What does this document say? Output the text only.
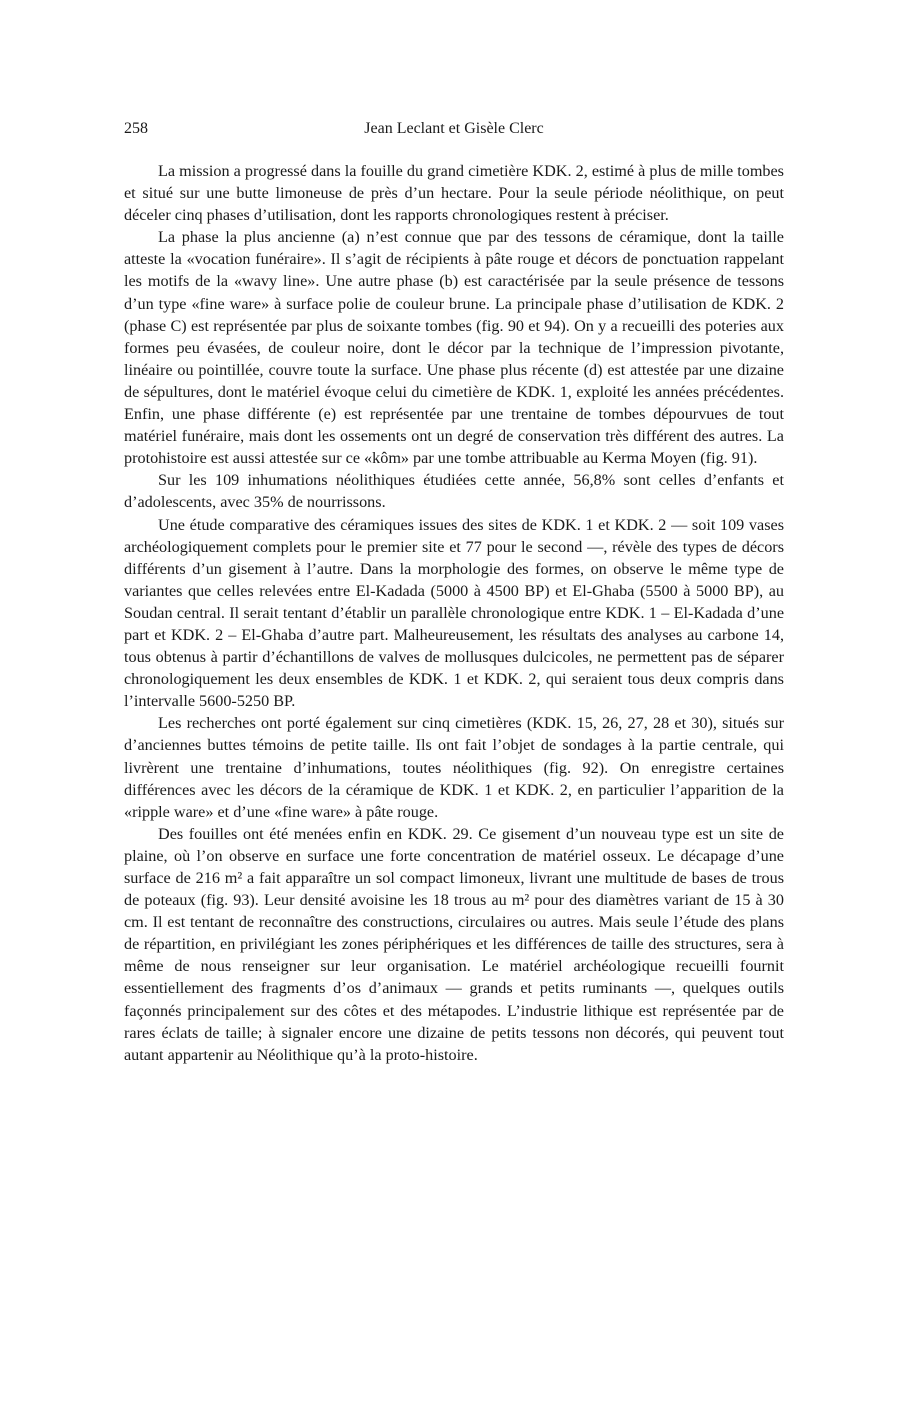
258	Jean Leclant et Gisèle Clerc

La mission a progressé dans la fouille du grand cimetière KDK. 2, estimé à plus de mille tombes et situé sur une butte limoneuse de près d’un hectare. Pour la seule période néolithique, on peut déceler cinq phases d’utilisation, dont les rapports chronologiques restent à préciser.

La phase la plus ancienne (a) n’est connue que par des tessons de céramique, dont la taille atteste la «vocation funéraire». Il s’agit de récipients à pâte rouge et décors de ponctuation rappelant les motifs de la «wavy line». Une autre phase (b) est caractérisée par la seule présence de tessons d’un type «fine ware» à surface polie de couleur brune. La principale phase d’utilisation de KDK. 2 (phase C) est représentée par plus de soixante tombes (fig. 90 et 94). On y a recueilli des poteries aux formes peu évasées, de couleur noire, dont le décor par la technique de l’impression pivotante, linéaire ou pointillée, couvre toute la surface. Une phase plus récente (d) est attestée par une dizaine de sépultures, dont le matériel évoque celui du cimetière de KDK. 1, exploité les années précédentes. Enfin, une phase différente (e) est représentée par une trentaine de tombes dépourvues de tout matériel funéraire, mais dont les ossements ont un degré de conservation très différent des autres. La protohistoire est aussi attestée sur ce «kôm» par une tombe attribuable au Kerma Moyen (fig. 91).

Sur les 109 inhumations néolithiques étudiées cette année, 56,8% sont celles d’enfants et d’adolescents, avec 35% de nourrissons.

Une étude comparative des céramiques issues des sites de KDK. 1 et KDK. 2 — soit 109 vases archéologiquement complets pour le premier site et 77 pour le second —, révèle des types de décors différents d’un gisement à l’autre. Dans la morphologie des formes, on observe le même type de variantes que celles relevées entre El-Kadada (5000 à 4500 BP) et El-Ghaba (5500 à 5000 BP), au Soudan central. Il serait tentant d’établir un parallèle chronologique entre KDK. 1 – El-Kadada d’une part et KDK. 2 – El-Ghaba d’autre part. Malheureusement, les résultats des analyses au carbone 14, tous obtenus à partir d’échantillons de valves de mollusques dulcicoles, ne permettent pas de séparer chronologiquement les deux ensembles de KDK. 1 et KDK. 2, qui seraient tous deux compris dans l’intervalle 5600-5250 BP.

Les recherches ont porté également sur cinq cimetières (KDK. 15, 26, 27, 28 et 30), situés sur d’anciennes buttes témoins de petite taille. Ils ont fait l’objet de sondages à la partie centrale, qui livrèrent une trentaine d’inhumations, toutes néolithiques (fig. 92). On enregistre certaines différences avec les décors de la céramique de KDK. 1 et KDK. 2, en particulier l’apparition de la «ripple ware» et d’une «fine ware» à pâte rouge.

Des fouilles ont été menées enfin en KDK. 29. Ce gisement d’un nouveau type est un site de plaine, où l’on observe en surface une forte concentration de matériel osseux. Le décapage d’une surface de 216 m² a fait apparaître un sol compact limoneux, livrant une multitude de bases de trous de poteaux (fig. 93). Leur densité avoisine les 18 trous au m² pour des diamètres variant de 15 à 30 cm. Il est tentant de reconnaître des constructions, circulaires ou autres. Mais seule l’étude des plans de répartition, en privilégiant les zones périphériques et les différences de taille des structures, sera à même de nous renseigner sur leur organisation. Le matériel archéologique recueilli fournit essentiellement des fragments d’os d’animaux — grands et petits ruminants —, quelques outils façonnés principalement sur des côtes et des métapodes. L’industrie lithique est représentée par de rares éclats de taille; à signaler encore une dizaine de petits tessons non décorés, qui peuvent tout autant appartenir au Néolithique qu’à la proto-histoire.
